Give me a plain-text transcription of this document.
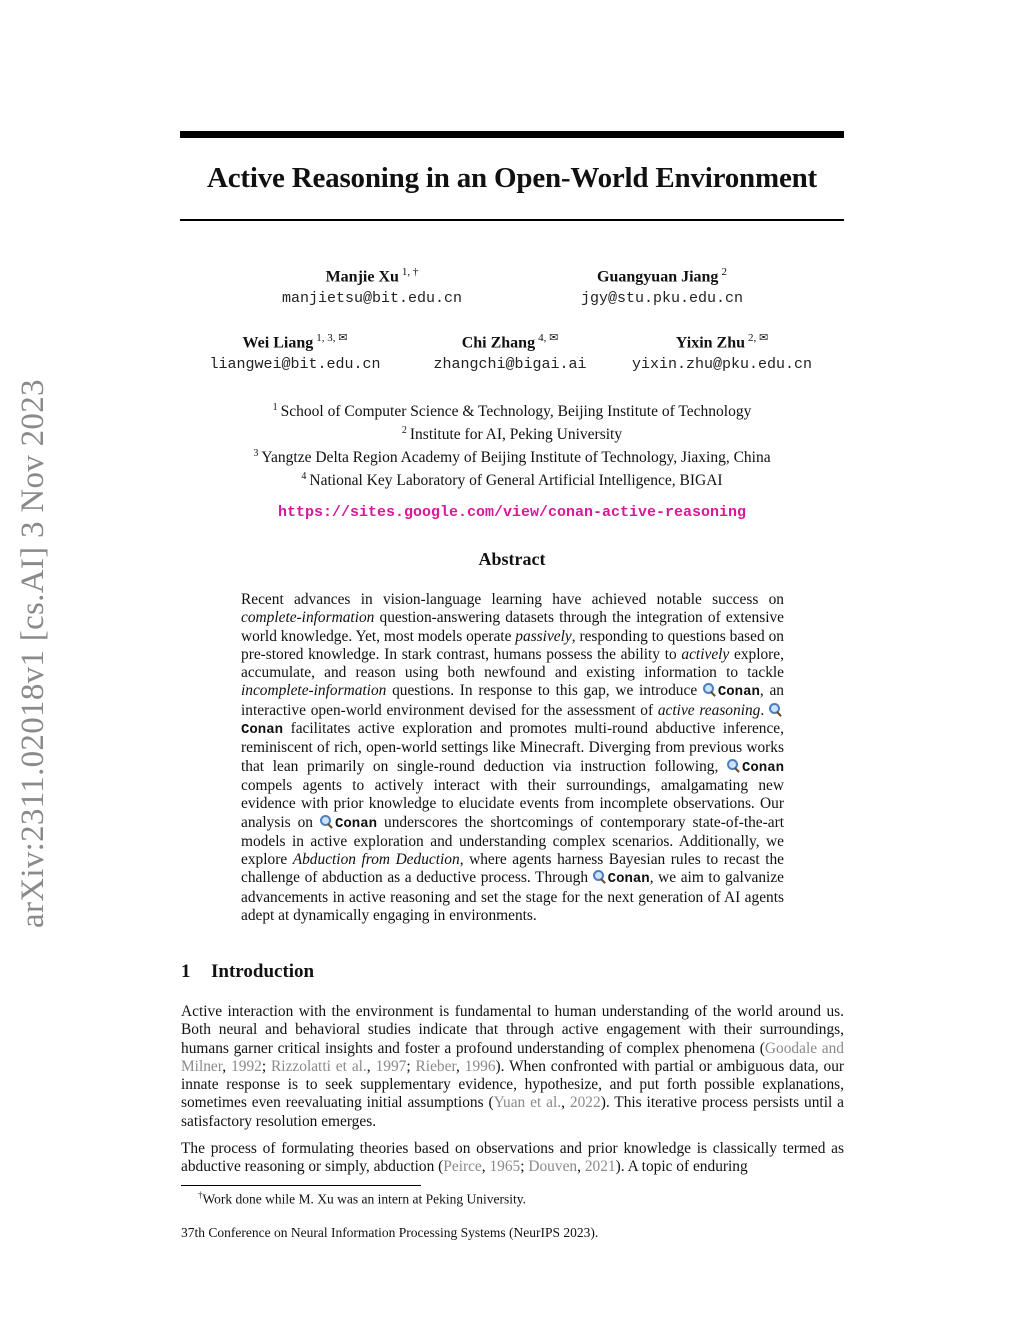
arXiv:2311.02018v1 [cs.AI] 3 Nov 2023
Active Reasoning in an Open-World Environment
Manjie Xu $^{1, \dagger}$
manjietsu@bit.edu.cn
Guangyuan Jiang $^2$
jgy@stu.pku.edu.cn
Wei Liang $^{1, 3, ✉}$
liangwei@bit.edu.cn
Chi Zhang $^{4, ✉}$
zhangchi@bigai.ai
Yixin Zhu $^{2, ✉}$
yixin.zhu@pku.edu.cn
$^1$ School of Computer Science & Technology, Beijing Institute of Technology
$^2$ Institute for AI, Peking University
$^3$ Yangtze Delta Region Academy of Beijing Institute of Technology, Jiaxing, China
$^4$ National Key Laboratory of General Artificial Intelligence, BIGAI
https://sites.google.com/view/conan-active-reasoning
Abstract
Recent advances in vision-language learning have achieved notable success on complete-information question-answering datasets through the integration of extensive world knowledge. Yet, most models operate passively, responding to questions based on pre-stored knowledge. In stark contrast, humans possess the ability to actively explore, accumulate, and reason using both newfound and existing information to tackle incomplete-information questions. In response to this gap, we introduce Conan, an interactive open-world environment devised for the assessment of active reasoning. Conan facilitates active exploration and promotes multi-round abductive inference, reminiscent of rich, open-world settings like Minecraft. Diverging from previous works that lean primarily on single-round deduction via instruction following, Conan compels agents to actively interact with their surroundings, amalgamating new evidence with prior knowledge to elucidate events from incomplete observations. Our analysis on Conan underscores the shortcomings of contemporary state-of-the-art models in active exploration and understanding complex scenarios. Additionally, we explore Abduction from Deduction, where agents harness Bayesian rules to recast the challenge of abduction as a deductive process. Through Conan, we aim to galvanize advancements in active reasoning and set the stage for the next generation of AI agents adept at dynamically engaging in environments.
1 Introduction
Active interaction with the environment is fundamental to human understanding of the world around us. Both neural and behavioral studies indicate that through active engagement with their surroundings, humans garner critical insights and foster a profound understanding of complex phenomena (Goodale and Milner, 1992; Rizzolatti et al., 1997; Rieber, 1996). When confronted with partial or ambiguous data, our innate response is to seek supplementary evidence, hypothesize, and put forth possible explanations, sometimes even reevaluating initial assumptions (Yuan et al., 2022). This iterative process persists until a satisfactory resolution emerges.
The process of formulating theories based on observations and prior knowledge is classically termed as abductive reasoning or simply, abduction (Peirce, 1965; Douven, 2021). A topic of enduring
†Work done while M. Xu was an intern at Peking University.
37th Conference on Neural Information Processing Systems (NeurIPS 2023).
